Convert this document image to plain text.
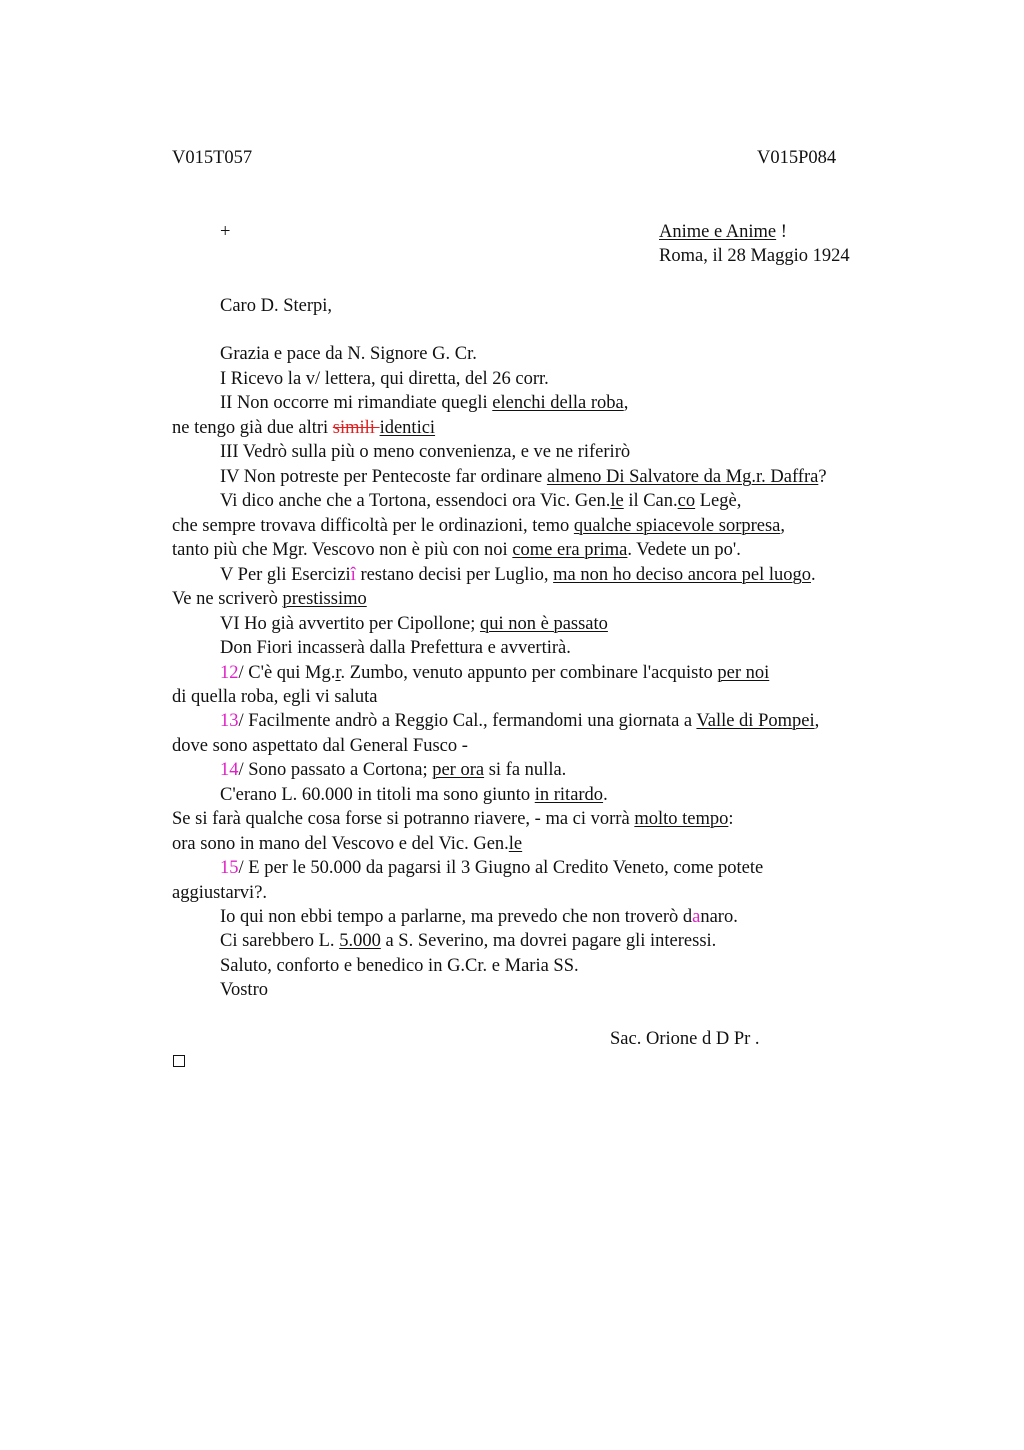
V015T057	V015P084
+	Anime e Anime !
Roma, il 28 Maggio 1924
Caro D. Sterpi,
Grazia e pace da N. Signore G. Cr.
I Ricevo la v/ lettera, qui diretta, del 26 corr.
II Non occorre mi rimandiate quegli elenchi della roba,
ne tengo già due altri simili identici
III Vedrò sulla più o meno convenienza, e ve ne riferirò
IV Non potreste per Pentecoste far ordinare almeno Di Salvatore da Mg.r. Daffra?
Vi dico anche che a Tortona, essendoci ora Vic. Gen.le il Can.co Legè,
che sempre trovava difficoltà per le ordinazioni, temo qualche spiacevole sorpresa,
tanto più che Mgr. Vescovo non è più con noi come era prima. Vedete un po'.
V Per gli Eserciziî restano decisi per Luglio, ma non ho deciso ancora pel luogo.
Ve ne scriverò prestissimo
VI Ho già avvertito per Cipollone; qui non è passato
Don Fiori incasserà dalla Prefettura e avvertirà.
12/ C'è qui Mg.r. Zumbo, venuto appunto per combinare l'acquisto per noi
di quella roba, egli vi saluta
13/ Facilmente andrò a Reggio Cal., fermandomi una giornata a Valle di Pompei,
dove sono aspettato dal General Fusco -
14/ Sono passato a Cortona; per ora si fa nulla.
C'erano L. 60.000 in titoli ma sono giunto in ritardo.
Se si farà qualche cosa forse si potranno riavere, - ma ci vorrà molto tempo:
ora sono in mano del Vescovo e del Vic. Gen.le
15/ E per le 50.000 da pagarsi il 3 Giugno al Credito Veneto, come potete
aggiustarvi?.
Io qui non ebbi tempo a parlarne, ma prevedo che non troverò danaro.
Ci sarebbero L. 5.000 a S. Severino, ma dovrei pagare gli interessi.
Saluto, conforto e benedico in G.Cr. e Maria SS.
Vostro
Sac. Orione d D Pr .
